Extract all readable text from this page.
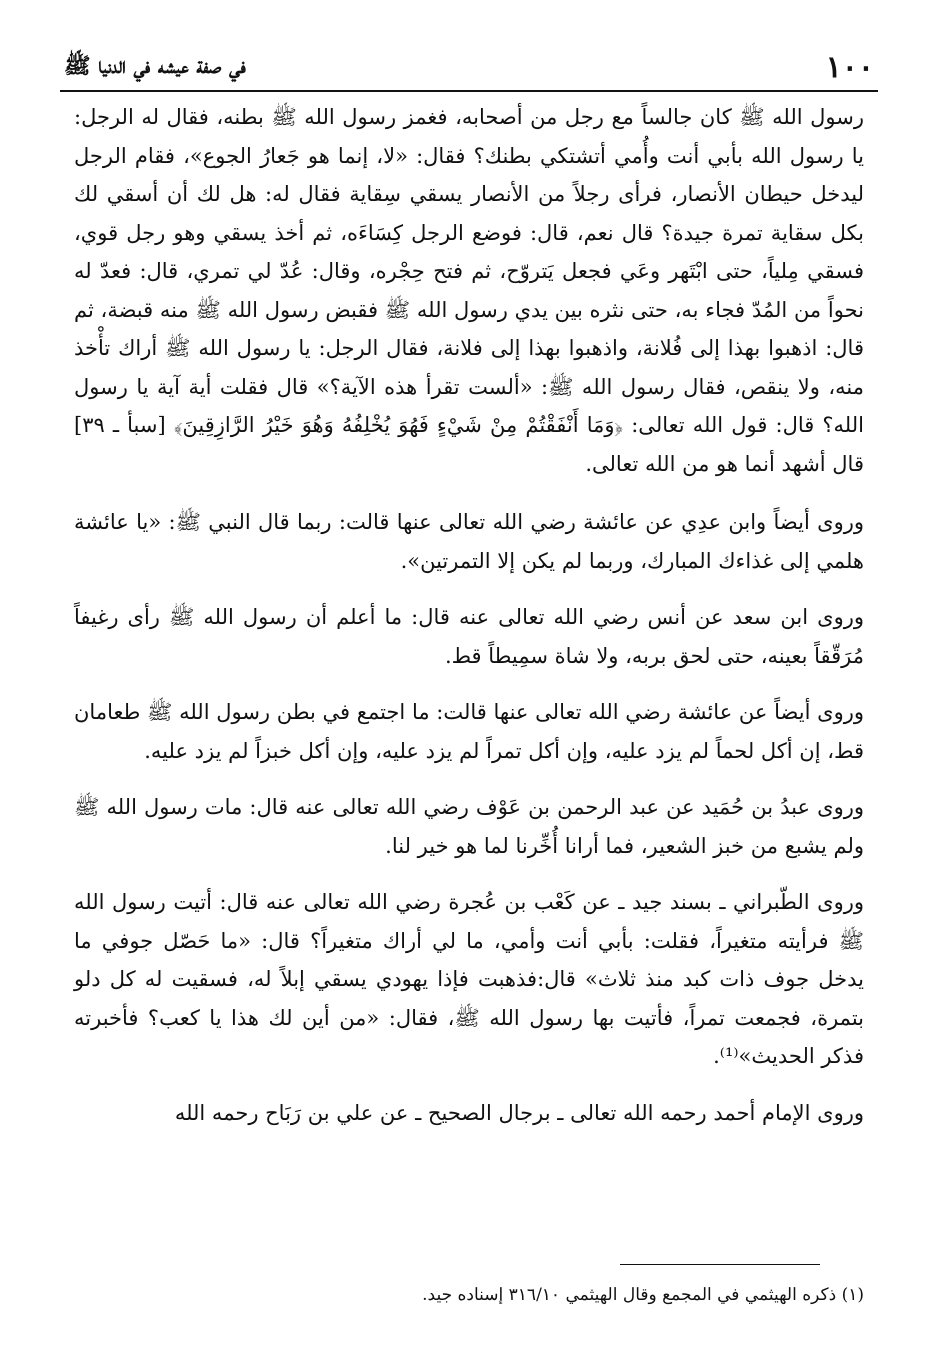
١٠٠
في صفة عيشه في الدنيا ﷺ

رسول الله ﷺ كان جالساً مع رجل من أصحابه، فغمز رسول الله ﷺ بطنه، فقال له الرجل: يا رسول الله بأبي أنت وأُمي أتشتكي بطنك؟ فقال: «لا، إنما هو جَعارُ الجوع»، فقام الرجل ليدخل حيطان الأنصار، فرأى رجلاً من الأنصار يسقي سِقاية فقال له: هل لك أن أسقي لك بكل سقاية تمرة جيدة؟ قال نعم، قال: فوضع الرجل كِسَاءَه، ثم أخذ يسقي وهو رجل قوي، فسقي مِلياً، حتى ابْتَهر وعَي فجعل يَتروّح، ثم فتح حِجْره، وقال: عُدّ لي تمري، قال: فعدّ له نحواً من المُدّ فجاء به، حتى نثره بين يدي رسول الله ﷺ فقبض رسول الله ﷺ منه قبضة، ثم قال: اذهبوا بهذا إلى فُلانة، واذهبوا بهذا إلى فلانة، فقال الرجل: يا رسول الله ﷺ أراك تأْخذ منه، ولا ينقص، فقال رسول الله ﷺ: «ألست تقرأ هذه الآية؟» قال فقلت أية آية يا رسول الله؟ قال: قول الله تعالى: ﴿وَمَا أَنْفَقْتُمْ مِنْ شَيْءٍ فَهُوَ يُخْلِفُهُ وَهُوَ خَيْرُ الرَّازِقِينَ﴾ [سبأ ـ ٣٩] قال أشهد أنما هو من الله تعالى.

وروى أيضاً وابن عدِي عن عائشة رضي الله تعالى عنها قالت: ربما قال النبي ﷺ: «يا عائشة هلمي إلى غذاءك المبارك، وربما لم يكن إلا التمرتين».

وروى ابن سعد عن أنس رضي الله تعالى عنه قال: ما أعلم أن رسول الله ﷺ رأى رغيفاً مُرَقّقاً بعينه، حتى لحق بربه، ولا شاة سمِيطاً قط.

وروى أيضاً عن عائشة رضي الله تعالى عنها قالت: ما اجتمع في بطن رسول الله ﷺ طعامان قط، إن أكل لحماً لم يزد عليه، وإن أكل تمراً لم يزد عليه، وإن أكل خبزاً لم يزد عليه.

وروى عبدُ بن حُمَيد عن عبد الرحمن بن عَوْف رضي الله تعالى عنه قال: مات رسول الله ﷺ ولم يشبع من خبز الشعير، فما أرانا أُخِّرنا لما هو خير لنا.

وروى الطّبراني ـ بسند جيد ـ عن كَعْب بن عُجرة رضي الله تعالى عنه قال: أتيت رسول الله ﷺ فرأيته متغيراً، فقلت: بأبي أنت وأمي، ما لي أراك متغيراً؟ قال: «ما حَصّل جوفي ما يدخل جوف ذات كبد منذ ثلاث» قال:فذهبت فإذا يهودي يسقي إبلاً له، فسقيت له كل دلو بتمرة، فجمعت تمراً، فأتيت بها رسول الله ﷺ، فقال: «من أين لك هذا يا كعب؟ فأخبرته فذكر الحديث»⁽¹⁾.

وروى الإمام أحمد رحمه الله تعالى ـ برجال الصحيح ـ عن علي بن رَبَاح رحمه الله

(١) ذكره الهيثمي في المجمع وقال الهيثمي ٣١٦/١٠ إسناده جيد.
